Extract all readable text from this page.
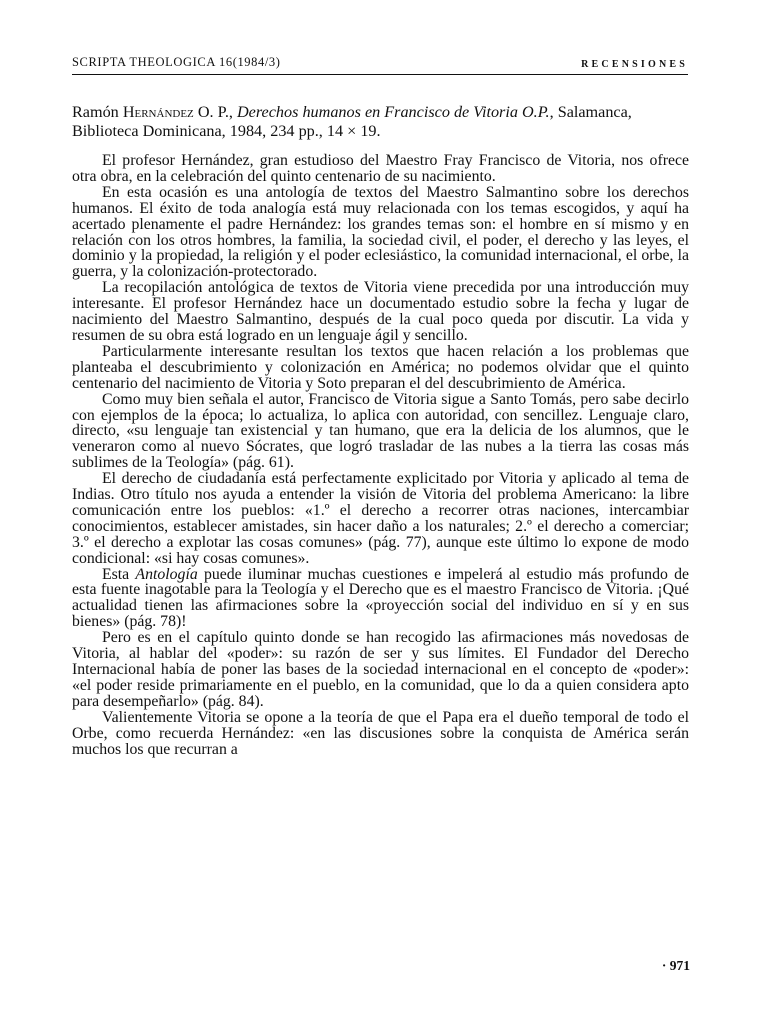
SCRIPTA THEOLOGICA 16(1984/3)	RECENSIONES
Ramón Hernández O. P., Derechos humanos en Francisco de Vitoria O.P., Salamanca, Biblioteca Dominicana, 1984, 234 pp., 14 × 19.

El profesor Hernández, gran estudioso del Maestro Fray Francisco de Vitoria, nos ofrece otra obra, en la celebración del quinto centenario de su nacimiento.

En esta ocasión es una antología de textos del Maestro Salmantino sobre los derechos humanos. El éxito de toda analogía está muy relacionada con los temas escogidos, y aquí ha acertado plenamente el padre Hernández: los grandes temas son: el hombre en sí mismo y en relación con los otros hombres, la familia, la sociedad civil, el poder, el derecho y las leyes, el dominio y la propiedad, la religión y el poder eclesiástico, la comunidad internacional, el orbe, la guerra, y la colonización-protectorado.

La recopilación antológica de textos de Vitoria viene precedida por una introducción muy interesante. El profesor Hernández hace un documentado estudio sobre la fecha y lugar de nacimiento del Maestro Salmantino, después de la cual poco queda por discutir. La vida y resumen de su obra está logrado en un lenguaje ágil y sencillo.

Particularmente interesante resultan los textos que hacen relación a los problemas que planteaba el descubrimiento y colonización en América; no podemos olvidar que el quinto centenario del nacimiento de Vitoria y Soto preparan el del descubrimiento de América.

Como muy bien señala el autor, Francisco de Vitoria sigue a Santo Tomás, pero sabe decirlo con ejemplos de la época; lo actualiza, lo aplica con autoridad, con sencillez. Lenguaje claro, directo, «su lenguaje tan existencial y tan humano, que era la delicia de los alumnos, que le veneraron como al nuevo Sócrates, que logró trasladar de las nubes a la tierra las cosas más sublimes de la Teología» (pág. 61).

El derecho de ciudadanía está perfectamente explicitado por Vitoria y aplicado al tema de Indias. Otro título nos ayuda a entender la visión de Vitoria del problema Americano: la libre comunicación entre los pueblos: «1.º el derecho a recorrer otras naciones, intercambiar conocimientos, establecer amistades, sin hacer daño a los naturales; 2.º el derecho a comerciar; 3.º el derecho a explotar las cosas comunes» (pág. 77), aunque este último lo expone de modo condicional: «si hay cosas comunes».

Esta Antología puede iluminar muchas cuestiones e impelerá al estudio más profundo de esta fuente inagotable para la Teología y el Derecho que es el maestro Francisco de Vitoria. ¡Qué actualidad tienen las afirmaciones sobre la «proyección social del individuo en sí y en sus bienes» (pág. 78)!

Pero es en el capítulo quinto donde se han recogido las afirmaciones más novedosas de Vitoria, al hablar del «poder»: su razón de ser y sus límites. El Fundador del Derecho Internacional había de poner las bases de la sociedad internacional en el concepto de «poder»: «el poder reside primariamente en el pueblo, en la comunidad, que lo da a quien considera apto para desempeñarlo» (pág. 84).

Valientemente Vitoria se opone a la teoría de que el Papa era el dueño temporal de todo el Orbe, como recuerda Hernández: «en las discusiones sobre la conquista de América serán muchos los que recurran a

· 971
